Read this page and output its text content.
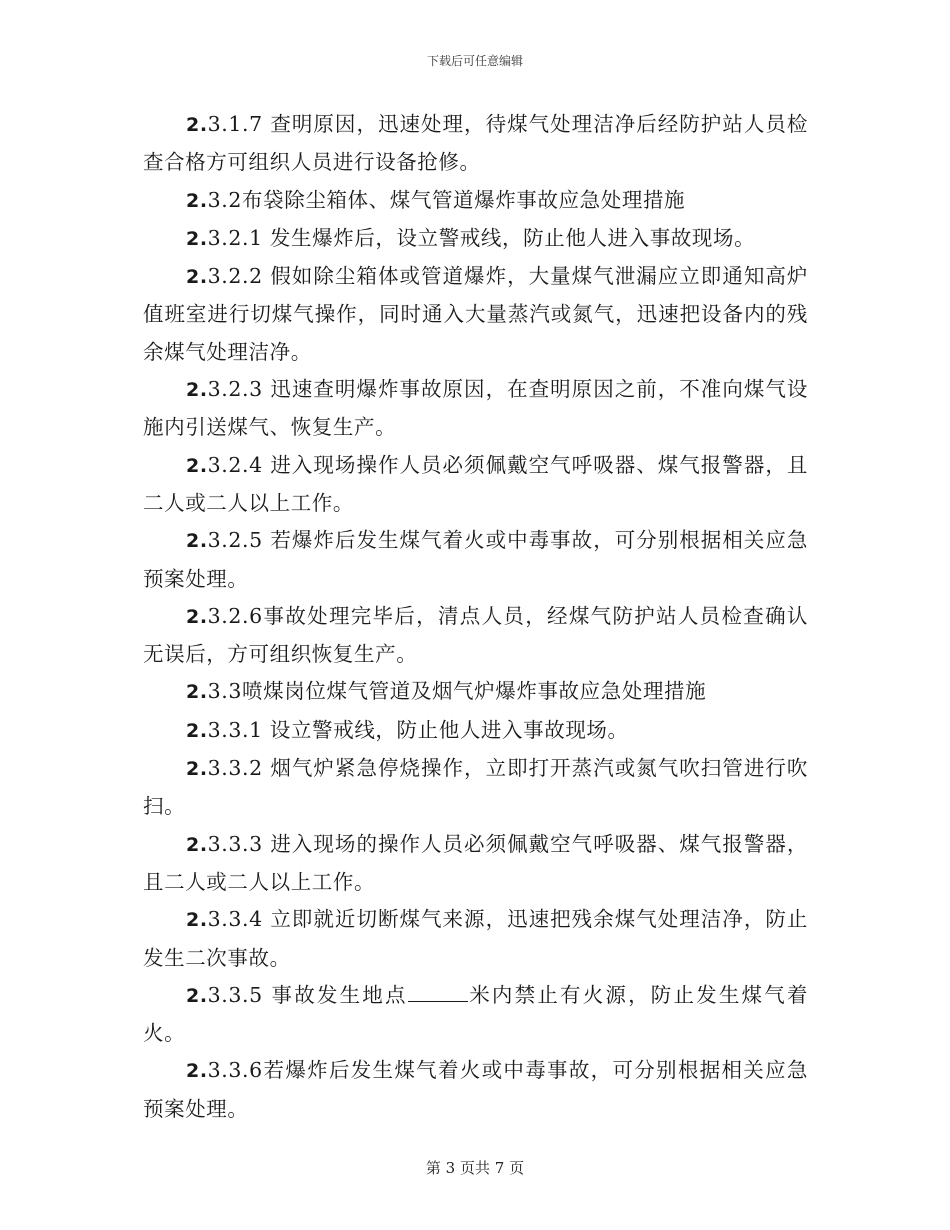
下载后可任意编辑

2.3.1.7 查明原因，迅速处理，待煤气处理洁净后经防护站人员检查合格方可组织人员进行设备抢修。

2.3.2布袋除尘箱体、煤气管道爆炸事故应急处理措施

2.3.2.1 发生爆炸后，设立警戒线，防止他人进入事故现场。

2.3.2.2 假如除尘箱体或管道爆炸，大量煤气泄漏应立即通知高炉值班室进行切煤气操作，同时通入大量蒸汽或氮气，迅速把设备内的残余煤气处理洁净。

2.3.2.3 迅速查明爆炸事故原因，在查明原因之前，不准向煤气设施内引送煤气、恢复生产。

2.3.2.4 进入现场操作人员必须佩戴空气呼吸器、煤气报警器，且二人或二人以上工作。

2.3.2.5 若爆炸后发生煤气着火或中毒事故，可分别根据相关应急预案处理。

2.3.2.6事故处理完毕后，清点人员，经煤气防护站人员检查确认无误后，方可组织恢复生产。

2.3.3喷煤岗位煤气管道及烟气炉爆炸事故应急处理措施

2.3.3.1 设立警戒线，防止他人进入事故现场。

2.3.3.2 烟气炉紧急停烧操作，立即打开蒸汽或氮气吹扫管进行吹扫。

2.3.3.3 进入现场的操作人员必须佩戴空气呼吸器、煤气报警器，且二人或二人以上工作。

2.3.3.4 立即就近切断煤气来源，迅速把残余煤气处理洁净，防止发生二次事故。

2.3.3.5 事故发生地点	米内禁止有火源，防止发生煤气着火。

2.3.3.6若爆炸后发生煤气着火或中毒事故，可分别根据相关应急预案处理。

第 3 页共 7 页
